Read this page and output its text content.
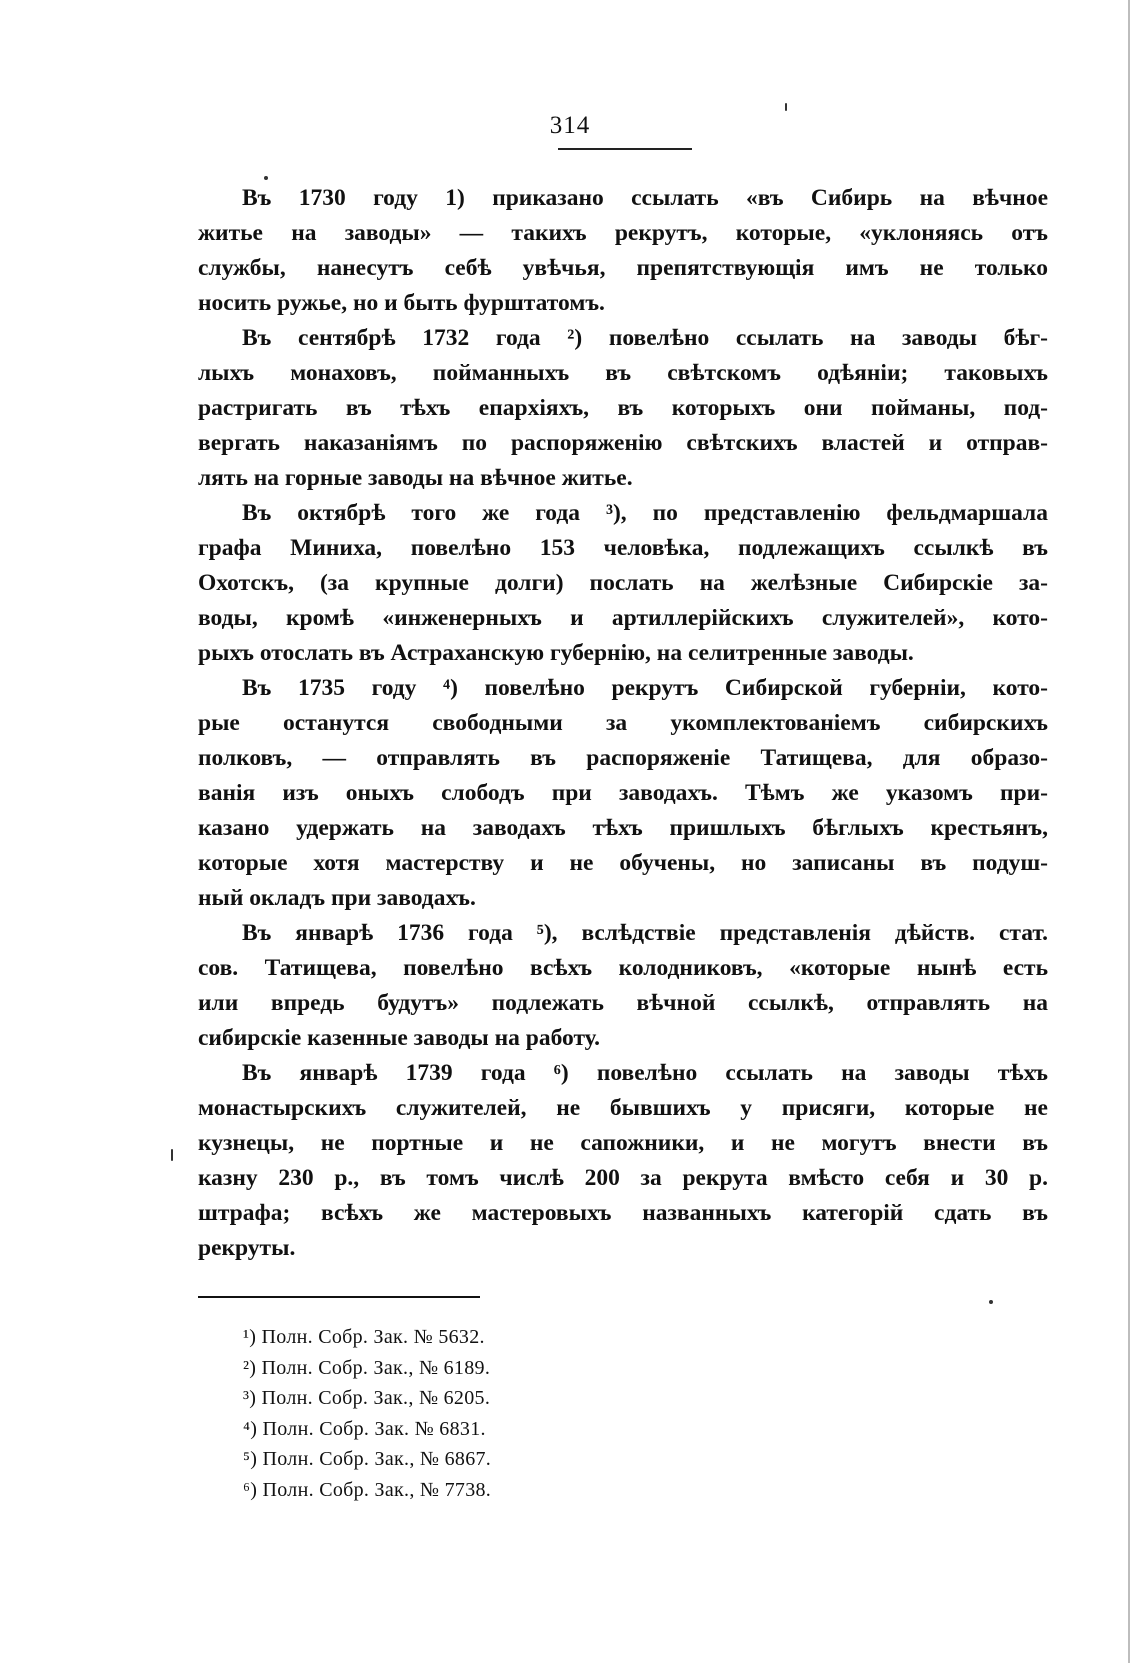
314

Въ 1730 году 1) приказано ссылать «въ Сибирь на вѣчное
житье на заводы» — такихъ рекрутъ, которые, «уклоняясь отъ
службы, нанесутъ себѣ увѣчья, препятствующія имъ не только
носить ружье, но и быть фурштатомъ.

Въ сентябрѣ 1732 года ²) повелѣно ссылать на заводы бѣг-
лыхъ монаховъ, пойманныхъ въ свѣтскомъ одѣяніи; таковыхъ
растригать въ тѣхъ епархіяхъ, въ которыхъ они пойманы, под-
вергать наказаніямъ по распоряженію свѣтскихъ властей и отправ-
лять на горные заводы на вѣчное житье.

Въ октябрѣ того же года ³), по представленію фельдмаршала
графа Миниха, повелѣно 153 человѣка, подлежащихъ ссылкѣ въ
Охотскъ, (за крупные долги) послать на желѣзные Сибирскіе за-
воды, кромѣ «инженерныхъ и артиллерійскихъ служителей», кото-
рыхъ отослать въ Астраханскую губернію, на селитренные заводы.

Въ 1735 году ⁴) повелѣно рекрутъ Сибирской губерніи, кото-
рые останутся свободными за укомплектованіемъ сибирскихъ
полковъ, — отправлять въ распоряженіе Татищева, для образо-
ванія изъ оныхъ слободъ при заводахъ. Тѣмъ же указомъ при-
казано удержать на заводахъ тѣхъ пришлыхъ бѣглыхъ крестьянъ,
которые хотя мастерству и не обучены, но записаны въ подуш-
ный окладъ при заводахъ.

Въ январѣ 1736 года ⁵), вслѣдствіе представленія дѣйств. стат.
сов. Татищева, повелѣно всѣхъ колодниковъ, «которые нынѣ есть
или впредь будутъ» подлежать вѣчной ссылкѣ, отправлять на
сибирскіе казенные заводы на работу.

Въ январѣ 1739 года ⁶) повелѣно ссылать на заводы тѣхъ
монастырскихъ служителей, не бывшихъ у присяги, которые не
кузнецы, не портные и не сапожники, и не могутъ внести въ
казну 230 р., въ томъ числѣ 200 за рекрута вмѣсто себя и 30 р.
штрафа; всѣхъ же мастеровыхъ названныхъ категорій сдать въ
рекруты.

¹) Полн. Собр. Зак. № 5632.
²) Полн. Собр. Зак., № 6189.
³) Полн. Собр. Зак., № 6205.
⁴) Полн. Собр. Зак. № 6831.
⁵) Полн. Собр. Зак., № 6867.
⁶) Полн. Собр. Зак., № 7738.
